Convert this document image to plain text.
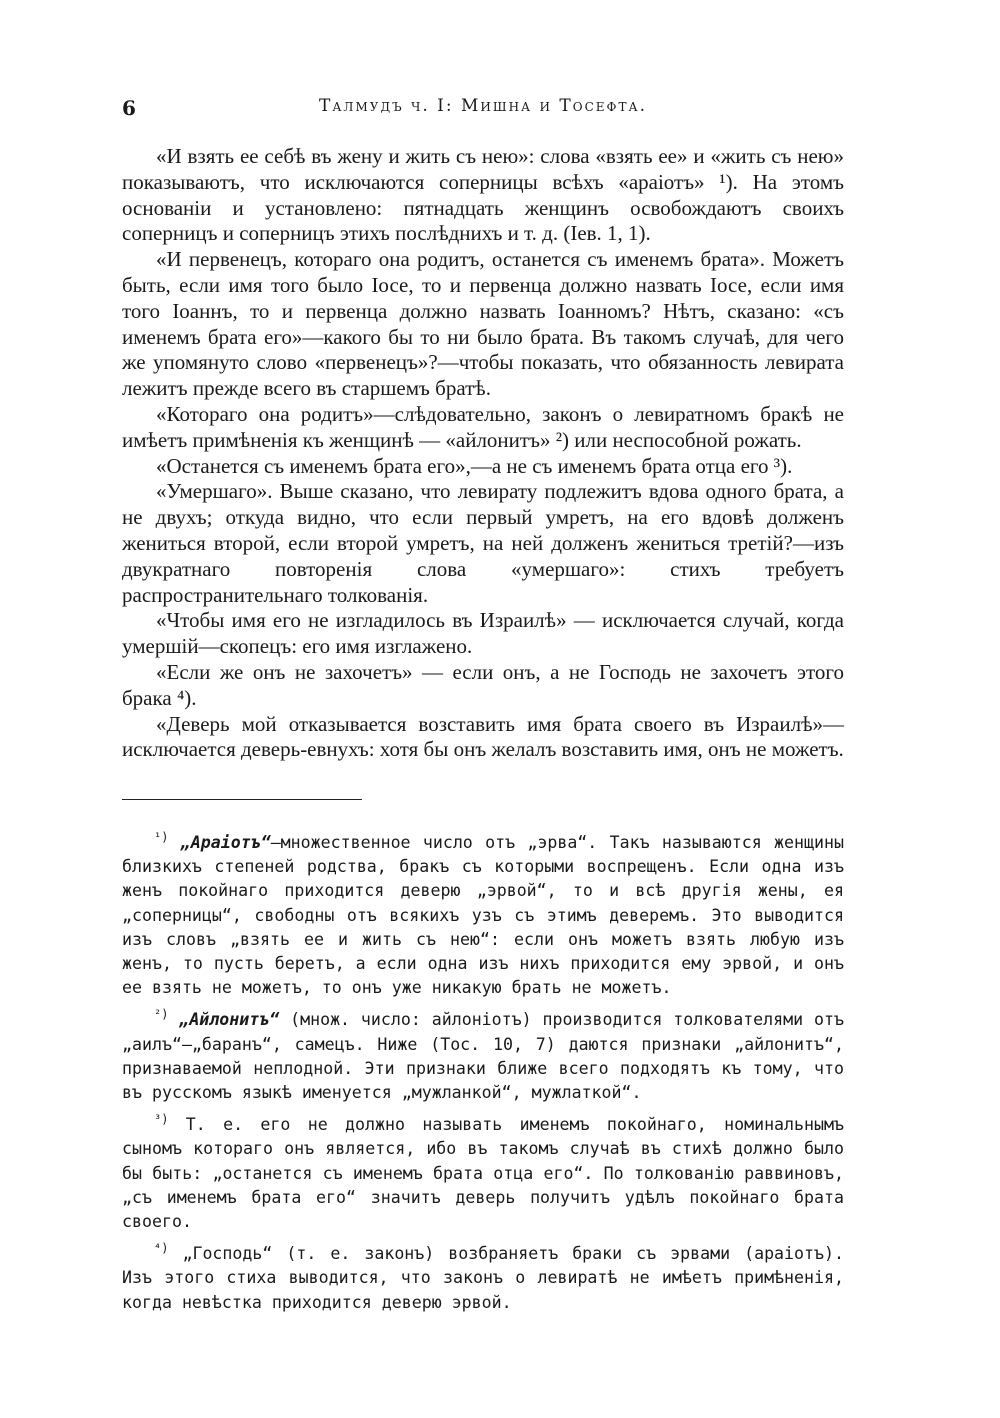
6	Талмудъ ч. I: Мишна и Тосефта.

«И взять ее себѣ въ жену и жить съ нею»: слова «взять ее» и «жить съ нею» показываютъ, что исключаются соперницы всѣхъ «араіотъ» ¹). На этомъ основаніи и установлено: пятнадцать женщинъ освобождаютъ своихъ соперницъ и соперницъ этихъ послѣднихъ и т. д. (Iев. 1, 1).

«И первенецъ, котораго она родитъ, останется съ именемъ брата». Можетъ быть, если имя того было Iосе, то и первенца должно назвать Iосе, если имя того Iоаннъ, то и первенца должно назвать Iоанномъ? Нѣтъ, сказано: «съ именемъ брата его»—какого бы то ни было брата. Въ такомъ случаѣ, для чего же упомянуто слово «первенецъ»?—чтобы показать, что обязанность левирата лежитъ прежде всего въ старшемъ братѣ.

«Котораго она родитъ»—слѣдовательно, законъ о левиратномъ бракѣ не имѣетъ примѣненія къ женщинѣ — «айлонитъ» ²) или неспособной рожать.

«Останется съ именемъ брата его»,—а не съ именемъ брата отца его ³).

«Умершаго». Выше сказано, что левирату подлежитъ вдова одного брата, а не двухъ; откуда видно, что если первый умретъ, на его вдовѣ долженъ жениться второй, если второй умретъ, на ней долженъ жениться третій?—изъ двукратнаго повторенія слова «умершаго»: стихъ требуетъ распространительнаго толкованія.

«Чтобы имя его не изгладилось въ Израилѣ» — исключается случай, когда умершій—скопецъ: его имя изглажено.

«Если же онъ не захочетъ» — если онъ, а не Господь не захочетъ этого брака ⁴).

«Деверь мой отказывается возставить имя брата своего въ Израилѣ»—исключается деверь-евнухъ: хотя бы онъ желалъ возставить имя, онъ не можетъ.

$^{^1)}$ „Араіотъ“—множественное число отъ „эрва“. Такъ называются женщины близкихъ степеней родства, бракъ съ которыми воспрещенъ. Если одна изъ женъ покойнаго приходится деверю „эрвой“, то и всѣ другія жены, ея „соперницы“, свободны отъ всякихъ узъ съ этимъ деверемъ. Это выводится изъ словъ „взять ее и жить съ нею“: если онъ можетъ взять любую изъ женъ, то пусть беретъ, а если одна изъ нихъ приходится ему эрвой, и онъ ее взять не можетъ, то онъ уже никакую брать не можетъ.

$^{^2)}$ „Айлонитъ“ (множ. число: айлоніотъ) производится толкователями отъ „аилъ“—„баранъ“, самецъ. Ниже (Тос. 10, 7) даются признаки „айлонитъ“, признаваемой неплодной. Эти признаки ближе всего подходятъ къ тому, что въ русскомъ языкѣ именуется „мужланкой“, мужлаткой“.

$^{^3)}$ Т. е. его не должно называть именемъ покойнаго, номинальнымъ сыномъ котораго онъ является, ибо въ такомъ случаѣ въ стихѣ должно было бы быть: „останется съ именемъ брата отца его“. По толкованію раввиновъ, „съ именемъ брата его“ значитъ деверь получитъ удѣлъ покойнаго брата своего.

$^{^4)}$ „Господь“ (т. е. законъ) возбраняетъ браки съ эрвами (араіотъ). Изъ этого стиха выводится, что законъ о левиратѣ не имѣетъ примѣненія, когда невѣстка приходится деверю эрвой.
